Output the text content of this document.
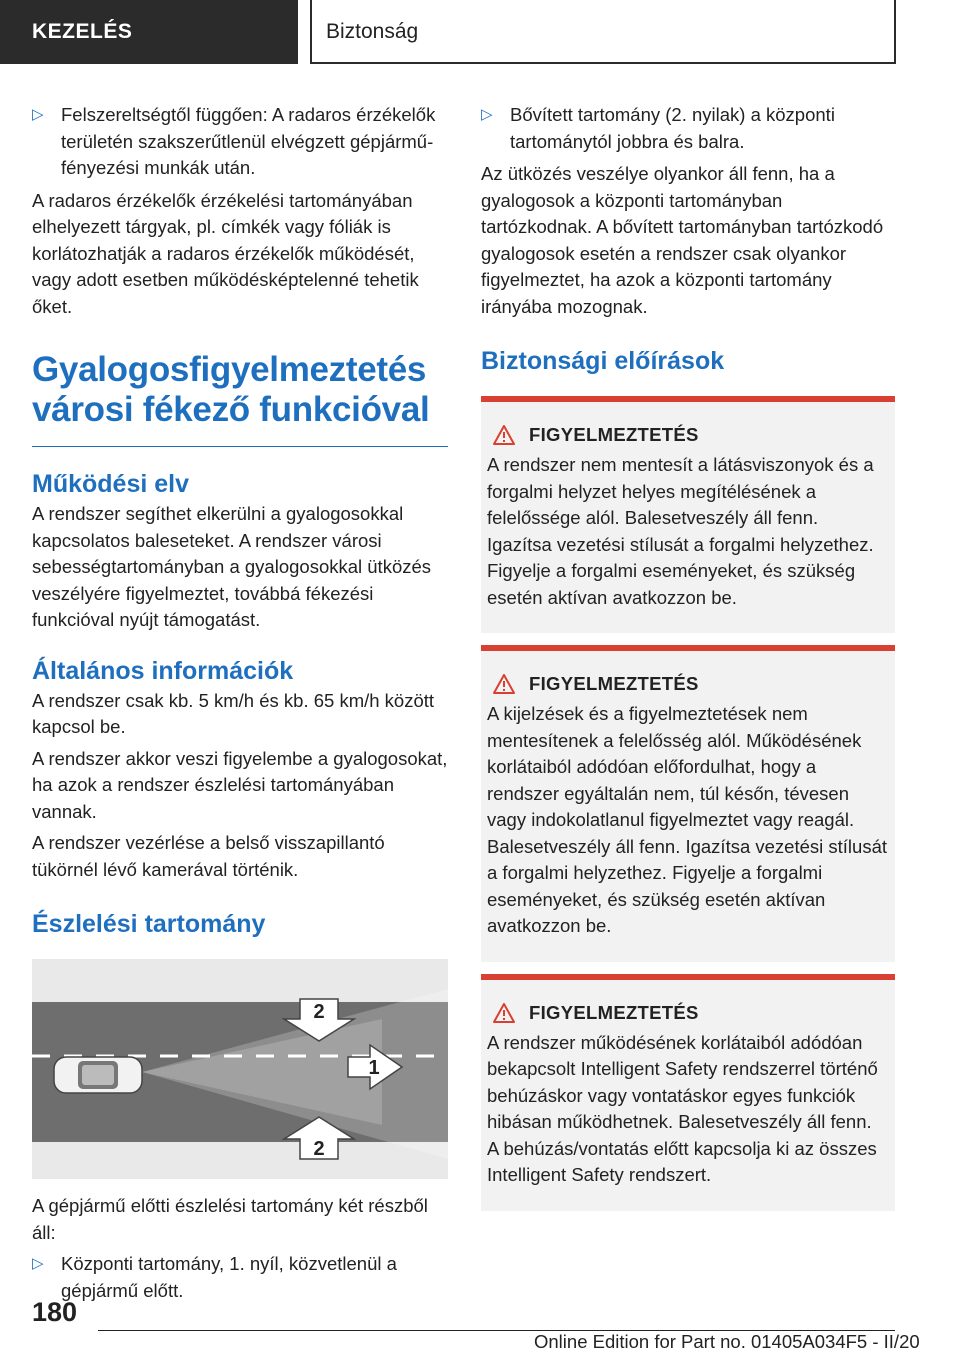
KEZELÉS	Biztonság
▷ Felszereltségtől függően: A radaros érzékelők területén szakszerűtlenül elvégzett gépjármű-fényezési munkák után.

A radaros érzékelők érzékelési tartományában elhelyezett tárgyak, pl. címkék vagy fóliák is korlátozhatják a radaros érzékelők működését, vagy adott esetben működésképtelenné tehetik őket.

Gyalogosfigyelmeztetés városi fékező funkcióval
Működési elv

A rendszer segíthet elkerülni a gyalogosokkal kapcsolatos baleseteket. A rendszer városi sebességtartományban a gyalogosokkal ütközés veszélyére figyelmeztet, továbbá fékezési funkcióval nyújt támogatást.

Általános információk

A rendszer csak kb. 5 km/h és kb. 65 km/h között kapcsol be.

A rendszer akkor veszi figyelembe a gyalogosokat, ha azok a rendszer észlelési tartományában vannak.

A rendszer vezérlése a belső visszapillantó tükörnél lévő kamerával történik.

Észlelési tartomány
2
1
2

A gépjármű előtti észlelési tartomány két részből áll:

▷ Központi tartomány, 1. nyíl, közvetlenül a gépjármű előtt.
▷ Bővített tartomány (2. nyilak) a központi tartománytól jobbra és balra.

Az ütközés veszélye olyankor áll fenn, ha a gyalogosok a központi tartományban tartózkodnak. A bővített tartományban tartózkodó gyalogosok esetén a rendszer csak olyankor figyelmeztet, ha azok a központi tartomány irányába mozognak.

Biztonsági előírások
FIGYELMEZTETÉS
A rendszer nem mentesít a látásviszonyok és a forgalmi helyzet helyes megítélésének a felelőssége alól. Balesetveszély áll fenn. Igazítsa vezetési stílusát a forgalmi helyzethez. Figyelje a forgalmi eseményeket, és szükség esetén aktívan avatkozzon be.
FIGYELMEZTETÉS
A kijelzések és a figyelmeztetések nem mentesítenek a felelősség alól. Működésének korlátaiból adódóan előfordulhat, hogy a rendszer egyáltalán nem, túl későn, tévesen vagy indokolatlanul figyelmeztet vagy reagál. Balesetveszély áll fenn. Igazítsa vezetési stílusát a forgalmi helyzethez. Figyelje a forgalmi eseményeket, és szükség esetén aktívan avatkozzon be.
FIGYELMEZTETÉS
A rendszer működésének korlátaiból adódóan bekapcsolt Intelligent Safety rendszerrel történő behúzáskor vagy vontatáskor egyes funkciók hibásan működhetnek. Balesetveszély áll fenn. A behúzás/vontatás előtt kapcsolja ki az összes Intelligent Safety rendszert.
180
Online Edition for Part no. 01405A034F5 - II/20
